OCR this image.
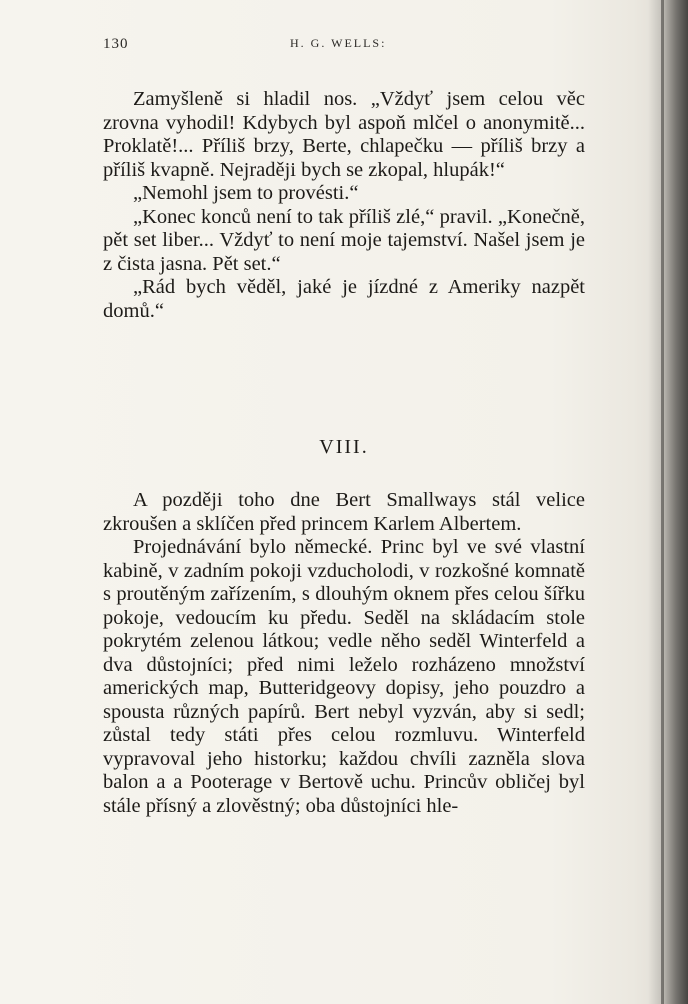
130	H. G. WELLS:

Zamyšleně si hladil nos. „Vždyť jsem celou věc zrovna vyhodil! Kdybych byl aspoň mlčel o anonymitě... Proklatě!... Příliš brzy, Berte, chlapečku — příliš brzy a příliš kvapně. Nejraději bych se zkopal, hlupák!“

„Nemohl jsem to provésti.“

„Konec konců není to tak příliš zlé,“ pravil. „Konečně, pět set liber... Vždyť to není moje tajemství. Našel jsem je z čista jasna. Pět set.“

„Rád bych věděl, jaké je jízdné z Ameriky nazpět domů.“

VIII.

A později toho dne Bert Smallways stál velice zkroušen a sklíčen před princem Karlem Albertem.

Projednávání bylo německé. Princ byl ve své vlastní kabině, v zadním pokoji vzducholodi, v rozkošné komnatě s proutěným zařízením, s dlouhým oknem přes celou šířku pokoje, vedoucím ku předu. Seděl na skládacím stole pokrytém zelenou látkou; vedle něho seděl Winterfeld a dva důstojníci; před nimi leželo rozházeno množství amerických map, Butteridgeovy dopisy, jeho pouzdro a spousta různých papírů. Bert nebyl vyzván, aby si sedl; zůstal tedy státi přes celou rozmluvu. Winterfeld vypravoval jeho historku; každou chvíli zazněla slova balon a a Pooterage v Bertově uchu. Princův obličej byl stále přísný a zlověstný; oba důstojníci hle-
